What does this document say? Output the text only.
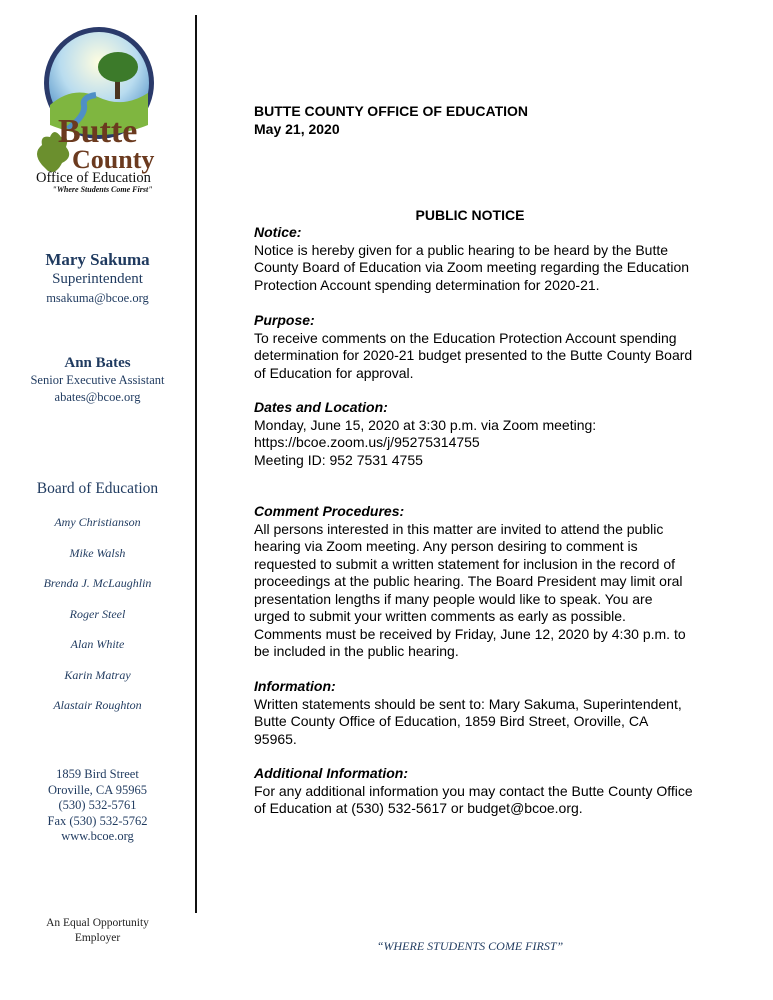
Butte
County
Office of Education
"Where Students Come First"
Mary Sakuma
Superintendent
msakuma@bcoe.org
Ann Bates
Senior Executive Assistant
abates@bcoe.org
Board of Education
Amy Christianson
Mike Walsh
Brenda J. McLaughlin
Roger Steel
Alan White
Karin Matray
Alastair Roughton
1859 Bird Street
Oroville, CA 95965
(530) 532-5761
Fax (530) 532-5762
www.bcoe.org
An Equal Opportunity
Employer
BUTTE COUNTY OFFICE OF EDUCATION
May 21, 2020
PUBLIC NOTICE
Notice:
Notice is hereby given for a public hearing to be heard by the Butte
County Board of Education via Zoom meeting regarding the Education
Protection Account spending determination for 2020-21.
Purpose:
To receive comments on the Education Protection Account spending
determination for 2020-21 budget presented to the Butte County Board
of Education for approval.
Dates and Location:
Monday, June 15, 2020 at 3:30 p.m. via Zoom meeting:
https://bcoe.zoom.us/j/95275314755
Meeting ID: 952 7531 4755
Comment Procedures:
All persons interested in this matter are invited to attend the public
hearing via Zoom meeting. Any person desiring to comment is
requested to submit a written statement for inclusion in the record of
proceedings at the public hearing. The Board President may limit oral
presentation lengths if many people would like to speak. You are
urged to submit your written comments as early as possible.
Comments must be received by Friday, June 12, 2020 by 4:30 p.m. to
be included in the public hearing.
Information:
Written statements should be sent to: Mary Sakuma, Superintendent,
Butte County Office of Education, 1859 Bird Street, Oroville, CA
95965.
Additional Information:
For any additional information you may contact the Butte County Office
of Education at (530) 532-5617 or budget@bcoe.org.
“WHERE STUDENTS COME FIRST”
